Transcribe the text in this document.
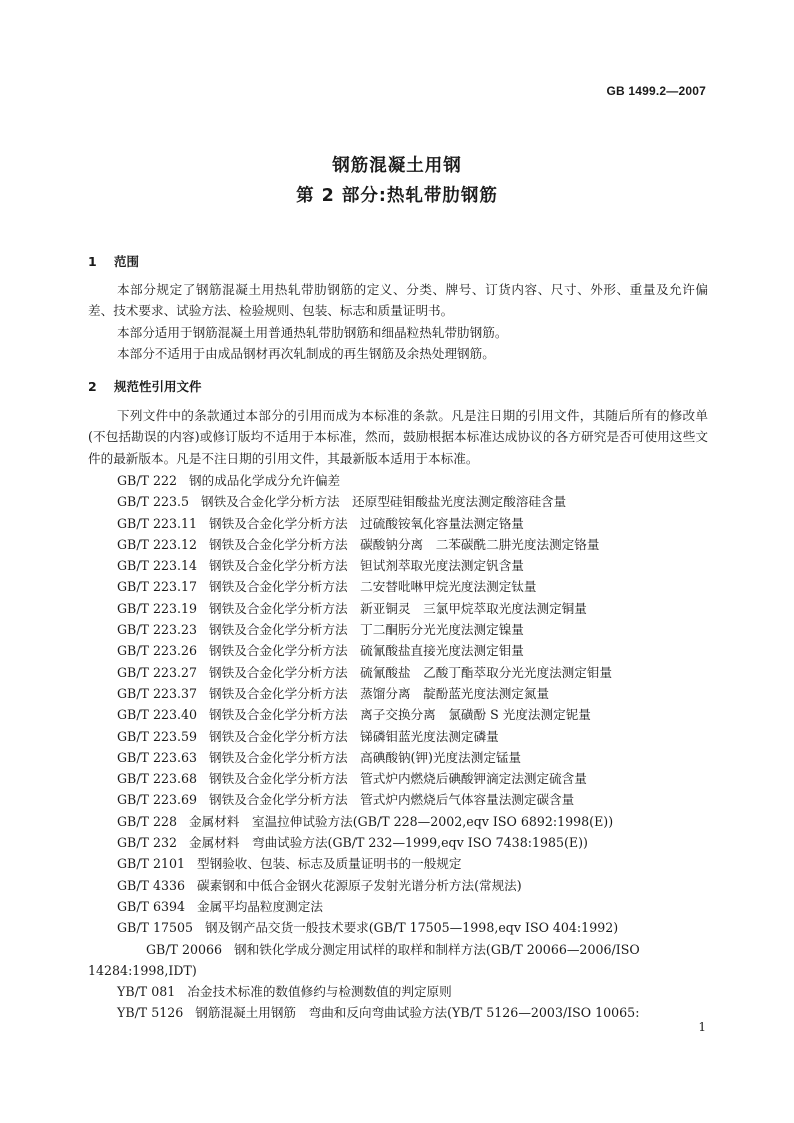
GB 1499.2—2007
钢筋混凝土用钢
第 2 部分:热轧带肋钢筋
1 范围

本部分规定了钢筋混凝土用热轧带肋钢筋的定义、分类、牌号、订货内容、尺寸、外形、重量及允许偏差、技术要求、试验方法、检验规则、包装、标志和质量证明书。

本部分适用于钢筋混凝土用普通热轧带肋钢筋和细晶粒热轧带肋钢筋。

本部分不适用于由成品钢材再次轧制成的再生钢筋及余热处理钢筋。

2 规范性引用文件

下列文件中的条款通过本部分的引用而成为本标准的条款。凡是注日期的引用文件，其随后所有的修改单(不包括勘误的内容)或修订版均不适用于本标准，然而，鼓励根据本标准达成协议的各方研究是否可使用这些文件的最新版本。凡是不注日期的引用文件，其最新版本适用于本标准。

GB/T 222 钢的成品化学成分允许偏差
GB/T 223.5 钢铁及合金化学分析方法　还原型硅钼酸盐光度法测定酸溶硅含量
GB/T 223.11 钢铁及合金化学分析方法　过硫酸铵氧化容量法测定铬量
GB/T 223.12 钢铁及合金化学分析方法　碳酸钠分离　二苯碳酰二肼光度法测定铬量
GB/T 223.14 钢铁及合金化学分析方法　钽试剂萃取光度法测定钒含量
GB/T 223.17 钢铁及合金化学分析方法　二安替吡啉甲烷光度法测定钛量
GB/T 223.19 钢铁及合金化学分析方法　新亚铜灵　三氯甲烷萃取光度法测定铜量
GB/T 223.23 钢铁及合金化学分析方法　丁二酮肟分光光度法测定镍量
GB/T 223.26 钢铁及合金化学分析方法　硫氰酸盐直接光度法测定钼量
GB/T 223.27 钢铁及合金化学分析方法　硫氰酸盐　乙酸丁酯萃取分光光度法测定钼量
GB/T 223.37 钢铁及合金化学分析方法　蒸馏分离　靛酚蓝光度法测定氮量
GB/T 223.40 钢铁及合金化学分析方法　离子交换分离　氯磺酚 S 光度法测定铌量
GB/T 223.59 钢铁及合金化学分析方法　锑磷钼蓝光度法测定磷量
GB/T 223.63 钢铁及合金化学分析方法　高碘酸钠(钾)光度法测定锰量
GB/T 223.68 钢铁及合金化学分析方法　管式炉内燃烧后碘酸钾滴定法测定硫含量
GB/T 223.69 钢铁及合金化学分析方法　管式炉内燃烧后气体容量法测定碳含量
GB/T 228 金属材料　室温拉伸试验方法(GB/T 228—2002,eqv ISO 6892:1998(E))
GB/T 232 金属材料　弯曲试验方法(GB/T 232—1999,eqv ISO 7438:1985(E))
GB/T 2101 型钢验收、包装、标志及质量证明书的一般规定
GB/T 4336 碳素钢和中低合金钢火花源原子发射光谱分析方法(常规法)
GB/T 6394 金属平均晶粒度测定法
GB/T 17505 钢及钢产品交货一般技术要求(GB/T 17505—1998,eqv ISO 404:1992)
GB/T 20066 钢和铁化学成分测定用试样的取样和制样方法(GB/T 20066—2006/ISO 14284:1998,IDT)
YB/T 081 冶金技术标准的数值修约与检测数值的判定原则
YB/T 5126 钢筋混凝土用钢筋　弯曲和反向弯曲试验方法(YB/T 5126—2003/ISO 10065:
1
